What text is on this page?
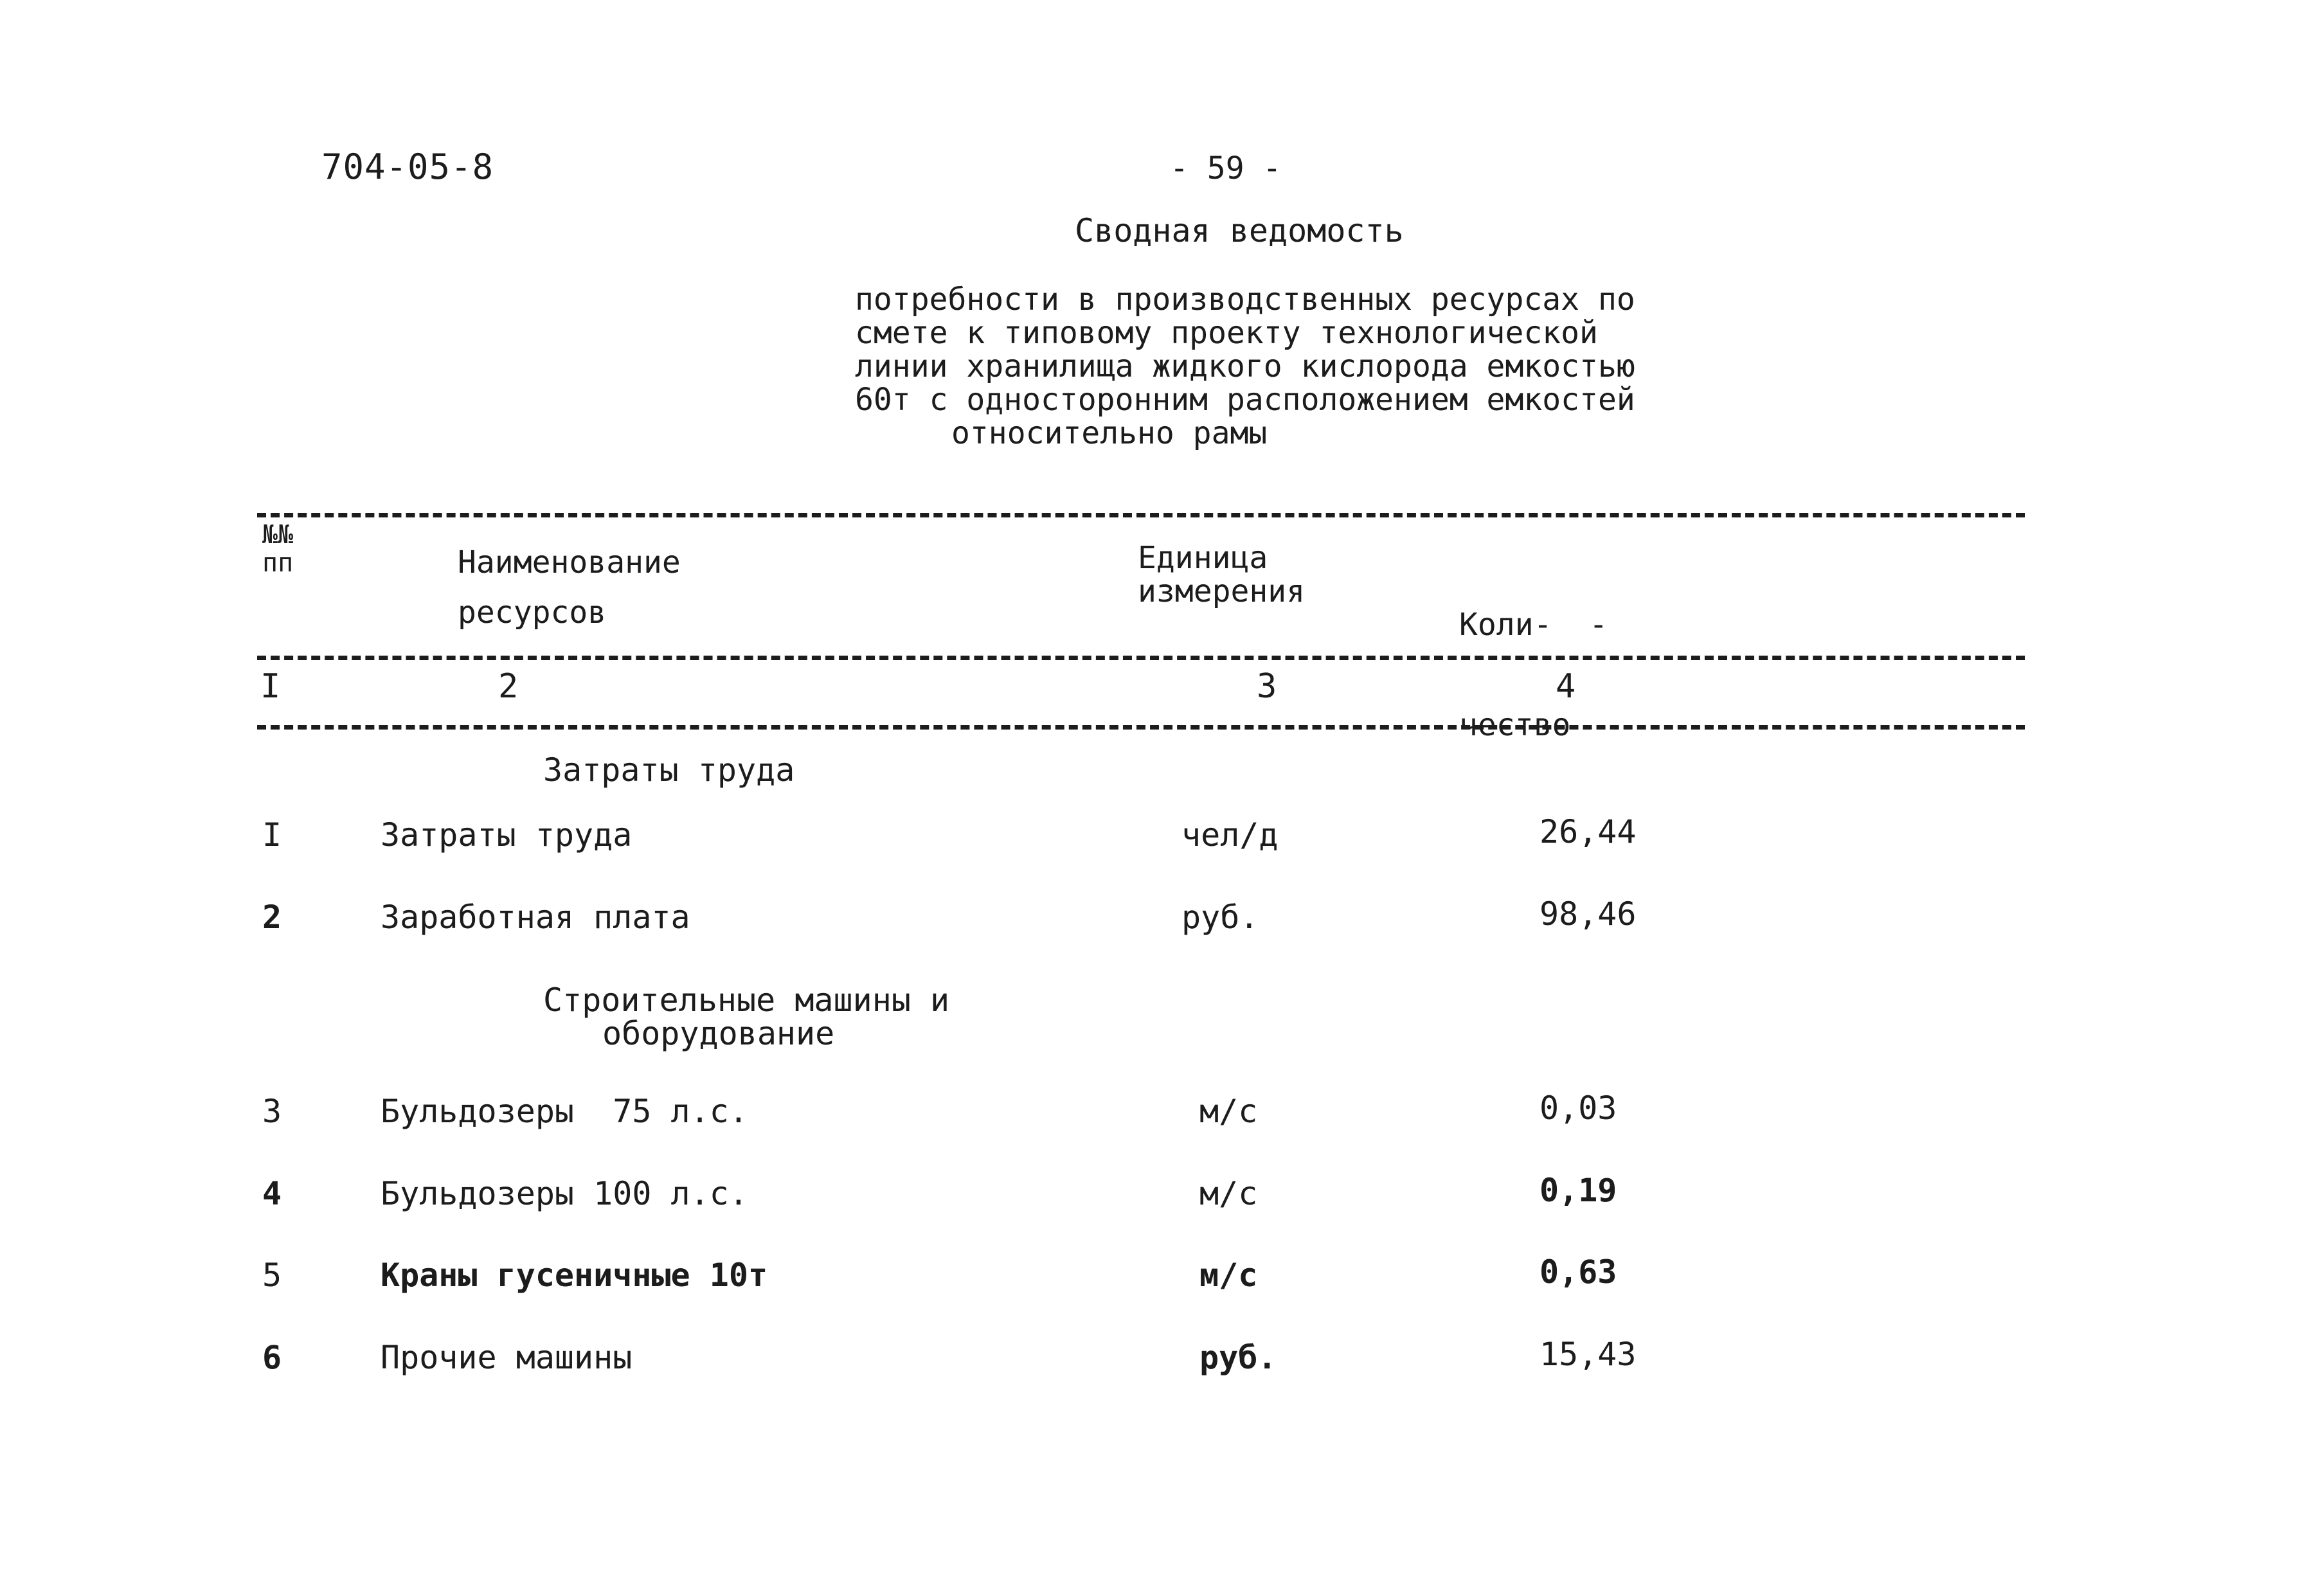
704-05-8	- 59 -
Сводная ведомость
потребности в производственных ресурсах по
смете к типовому проекту технологической
линии хранилища жидкого кислорода емкостью
60т с односторонним расположением емкостей
относительно рамы
№№
пп	Наименование
ресурсов
Единица
измерения

Коли-  -

чество

I	2	3	4
Затраты труда
I	Затраты труда	чел/д	26,44
2	Заработная плата	руб.	98,46
Строительные машины и
оборудование
3	Бульдозеры  75 л.с.	м/с	0,03
4	Бульдозеры 100 л.с.	м/с	0,19
5	Краны гусеничные 10т	м/с	0,63
6	Прочие машины	руб.	15,43
